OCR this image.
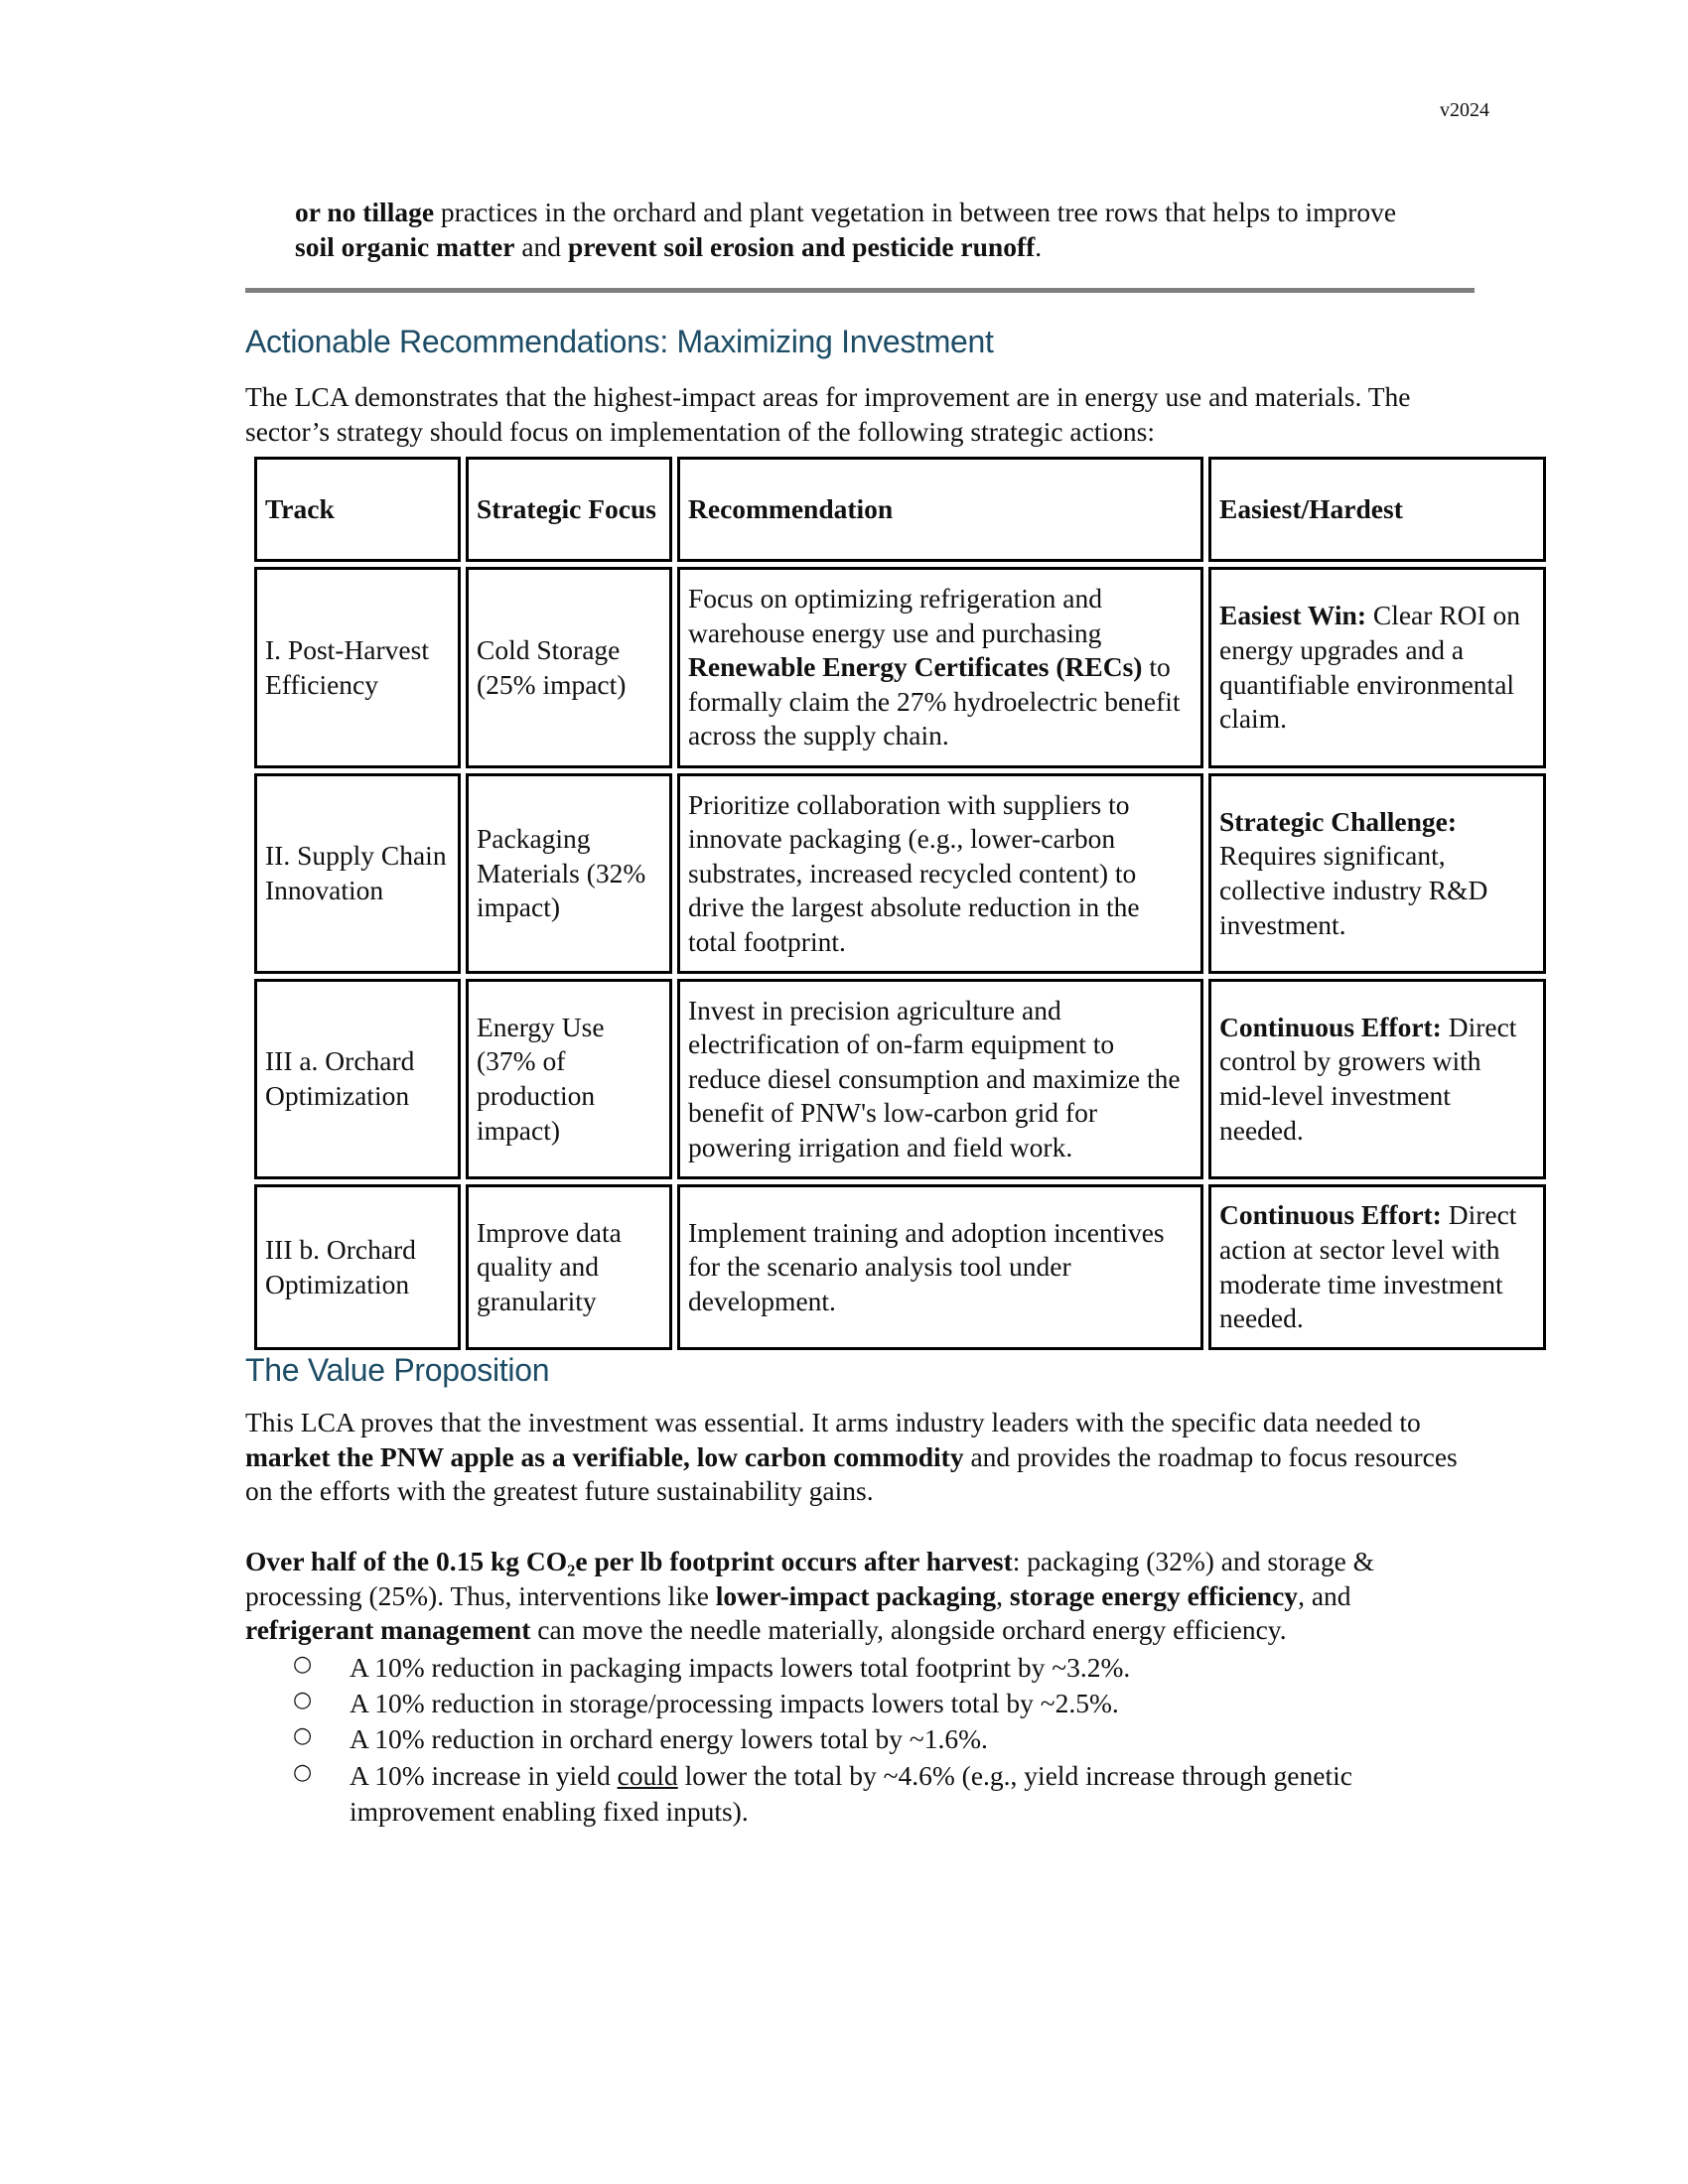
v2024
or no tillage practices in the orchard and plant vegetation in between tree rows that helps to improve soil organic matter and prevent soil erosion and pesticide runoff.
Actionable Recommendations: Maximizing Investment
The LCA demonstrates that the highest-impact areas for improvement are in energy use and materials. The sector’s strategy should focus on implementation of the following strategic actions:
Track	Strategic Focus	Recommendation	Easiest/Hardest
I. Post-Harvest Efficiency	Cold Storage (25% impact)	Focus on optimizing refrigeration and warehouse energy use and purchasing Renewable Energy Certificates (RECs) to formally claim the 27% hydroelectric benefit across the supply chain.	Easiest Win: Clear ROI on energy upgrades and a quantifiable environmental claim.
II. Supply Chain Innovation	Packaging Materials (32% impact)	Prioritize collaboration with suppliers to innovate packaging (e.g., lower-carbon substrates, increased recycled content) to drive the largest absolute reduction in the total footprint.	Strategic Challenge: Requires significant, collective industry R&D investment.
III a. Orchard Optimization	Energy Use (37% of production impact)	Invest in precision agriculture and electrification of on-farm equipment to reduce diesel consumption and maximize the benefit of PNW's low-carbon grid for powering irrigation and field work.	Continuous Effort: Direct control by growers with mid-level investment needed.
III b. Orchard Optimization	Improve data quality and granularity	Implement training and adoption incentives for the scenario analysis tool under development.	Continuous Effort: Direct action at sector level with moderate time investment needed.
The Value Proposition
This LCA proves that the investment was essential. It arms industry leaders with the specific data needed to market the PNW apple as a verifiable, low carbon commodity and provides the roadmap to focus resources on the efforts with the greatest future sustainability gains.
Over half of the 0.15 kg CO₂e per lb footprint occurs after harvest: packaging (32%) and storage & processing (25%). Thus, interventions like lower-impact packaging, storage energy efficiency, and refrigerant management can move the needle materially, alongside orchard energy efficiency.
○ A 10% reduction in packaging impacts lowers total footprint by ~3.2%.
○ A 10% reduction in storage/processing impacts lowers total by ~2.5%.
○ A 10% reduction in orchard energy lowers total by ~1.6%.
○ A 10% increase in yield could lower the total by ~4.6% (e.g., yield increase through genetic improvement enabling fixed inputs).
